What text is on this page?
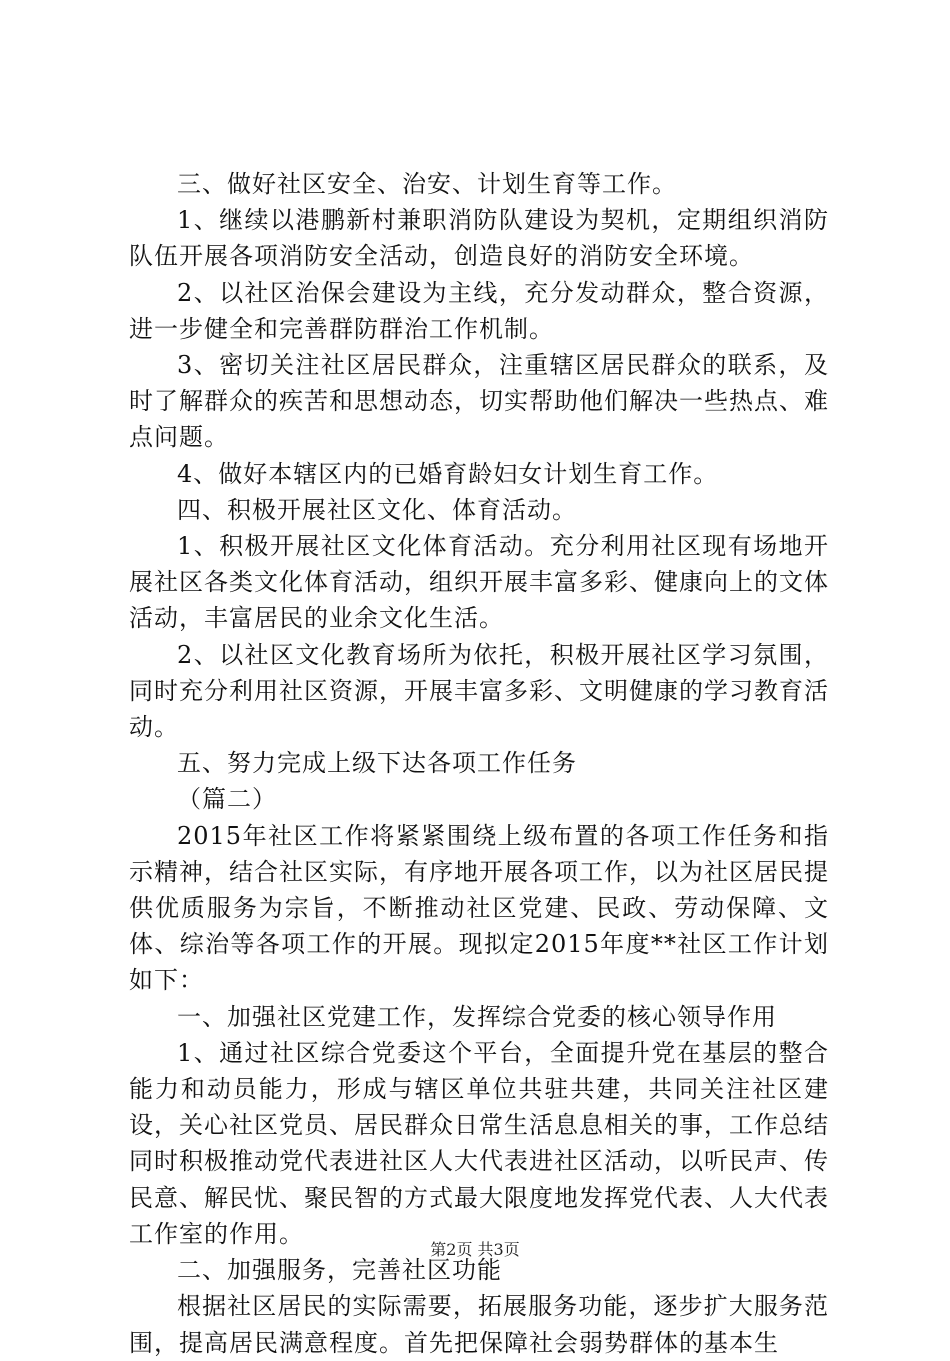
三、做好社区安全、治安、计划生育等工作。

1、继续以港鹏新村兼职消防队建设为契机，定期组织消防队伍开展各项消防安全活动，创造良好的消防安全环境。

2、以社区治保会建设为主线，充分发动群众，整合资源，进一步健全和完善群防群治工作机制。

3、密切关注社区居民群众，注重辖区居民群众的联系，及时了解群众的疾苦和思想动态，切实帮助他们解决一些热点、难点问题。

4、做好本辖区内的已婚育龄妇女计划生育工作。

四、积极开展社区文化、体育活动。

1、积极开展社区文化体育活动。充分利用社区现有场地开展社区各类文化体育活动，组织开展丰富多彩、健康向上的文体活动，丰富居民的业余文化生活。

2、以社区文化教育场所为依托，积极开展社区学习氛围，同时充分利用社区资源，开展丰富多彩、文明健康的学习教育活动。

五、努力完成上级下达各项工作任务

（篇二）

2015年社区工作将紧紧围绕上级布置的各项工作任务和指示精神，结合社区实际，有序地开展各项工作，以为社区居民提供优质服务为宗旨，不断推动社区党建、民政、劳动保障、文体、综治等各项工作的开展。现拟定2015年度**社区工作计划如下：

一、加强社区党建工作，发挥综合党委的核心领导作用

1、通过社区综合党委这个平台，全面提升党在基层的整合能力和动员能力，形成与辖区单位共驻共建，共同关注社区建设，关心社区党员、居民群众日常生活息息相关的事，工作总结同时积极推动党代表进社区人大代表进社区活动，以听民声、传民意、解民忧、聚民智的方式最大限度地发挥党代表、人大代表工作室的作用。

二、加强服务，完善社区功能

根据社区居民的实际需要，拓展服务功能，逐步扩大服务范围，提高居民满意程度。首先把保障社会弱势群体的基本生

第2页 共3页
